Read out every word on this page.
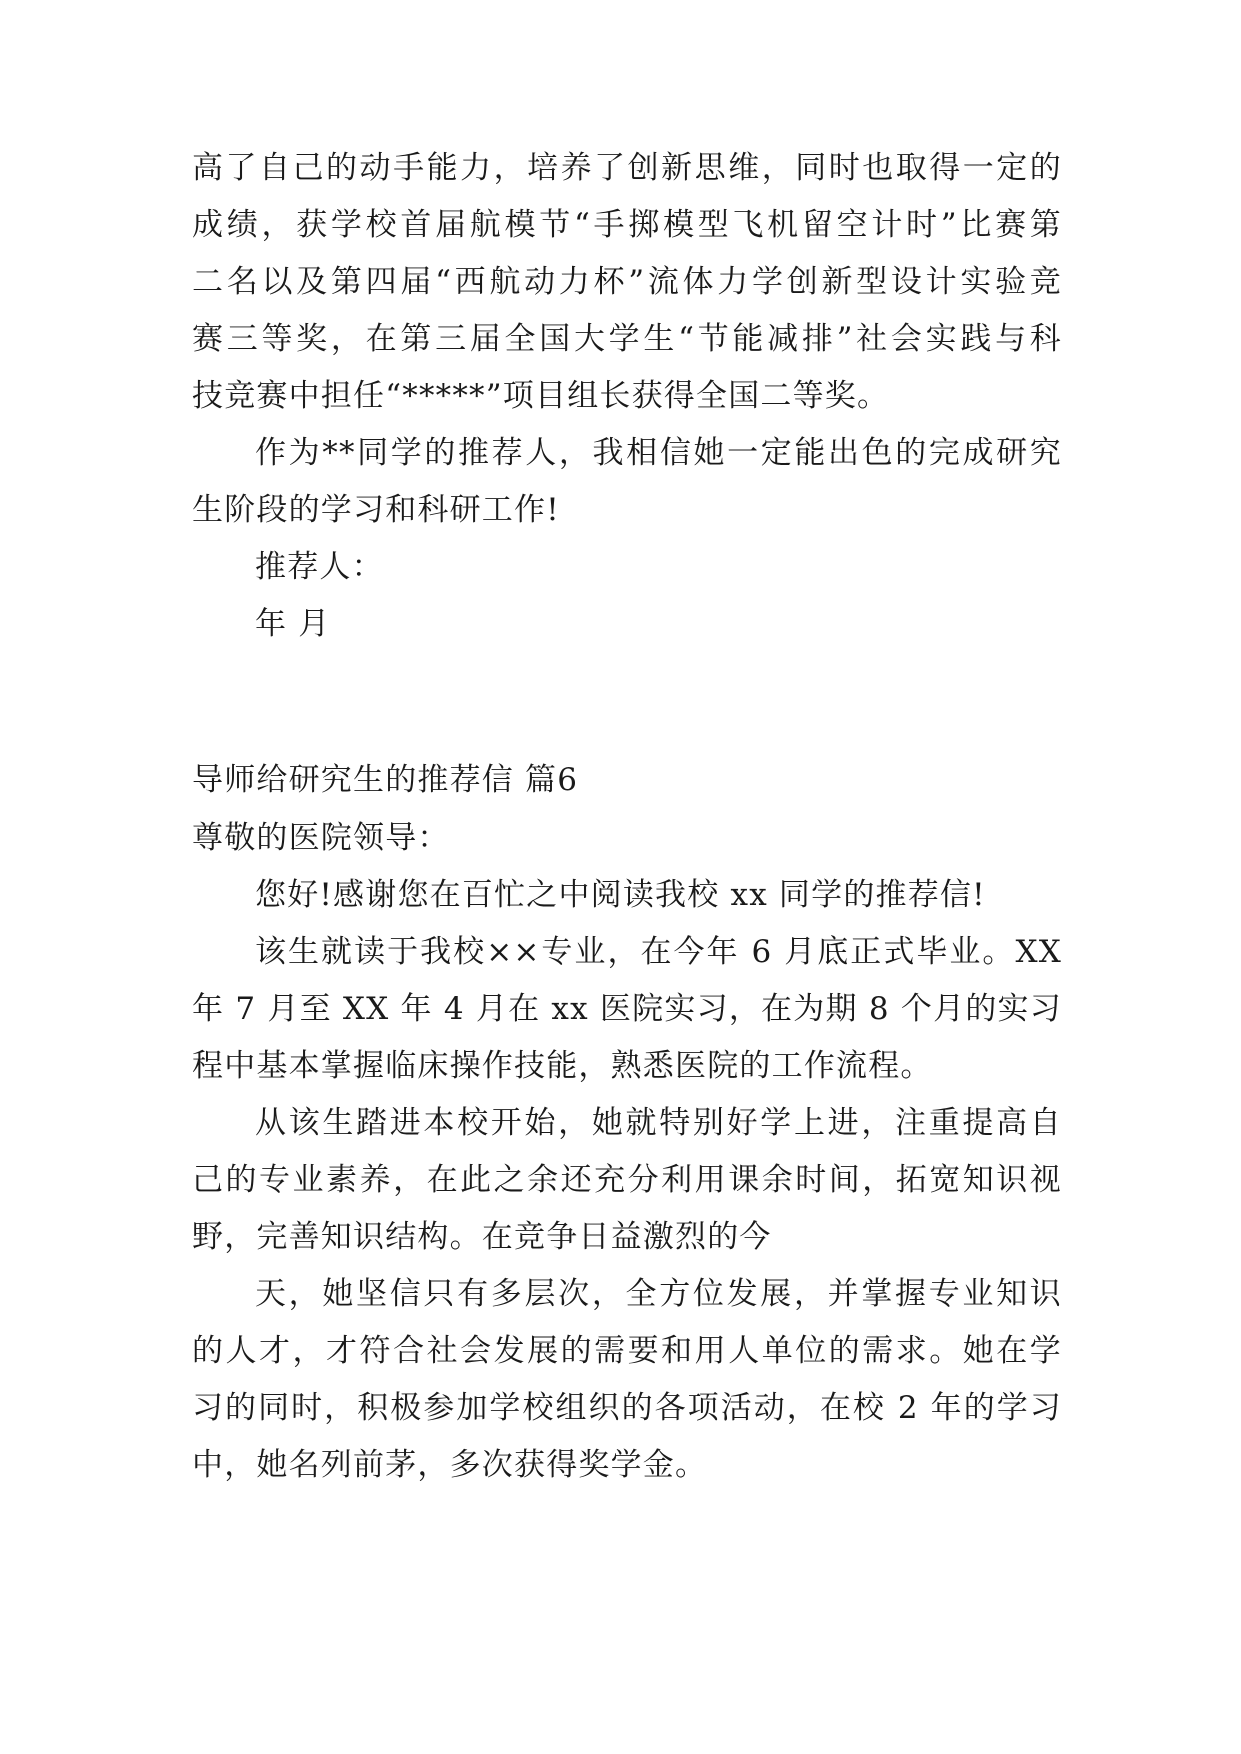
高了自己的动手能力，培养了创新思维，同时也取得一定的
成绩，获学校首届航模节“手掷模型飞机留空计时”比赛第
二名以及第四届“西航动力杯”流体力学创新型设计实验竞
赛三等奖，在第三届全国大学生“节能减排”社会实践与科
技竞赛中担任“*****”项目组长获得全国二等奖。
作为**同学的推荐人，我相信她一定能出色的完成研究
生阶段的学习和科研工作!
推荐人：
年 月
导师给研究生的推荐信 篇6
尊敬的医院领导：
您好!感谢您在百忙之中阅读我校 xx 同学的推荐信!
该生就读于我校××专业，在今年 6 月底正式毕业。XX
年 7 月至 XX 年 4 月在 xx 医院实习，在为期 8 个月的实习
程中基本掌握临床操作技能，熟悉医院的工作流程。
从该生踏进本校开始，她就特别好学上进，注重提高自
己的专业素养，在此之余还充分利用课余时间，拓宽知识视
野，完善知识结构。在竞争日益激烈的今
天，她坚信只有多层次，全方位发展，并掌握专业知识
的人才，才符合社会发展的需要和用人单位的需求。她在学
习的同时，积极参加学校组织的各项活动，在校 2 年的学习
中，她名列前茅，多次获得奖学金。
